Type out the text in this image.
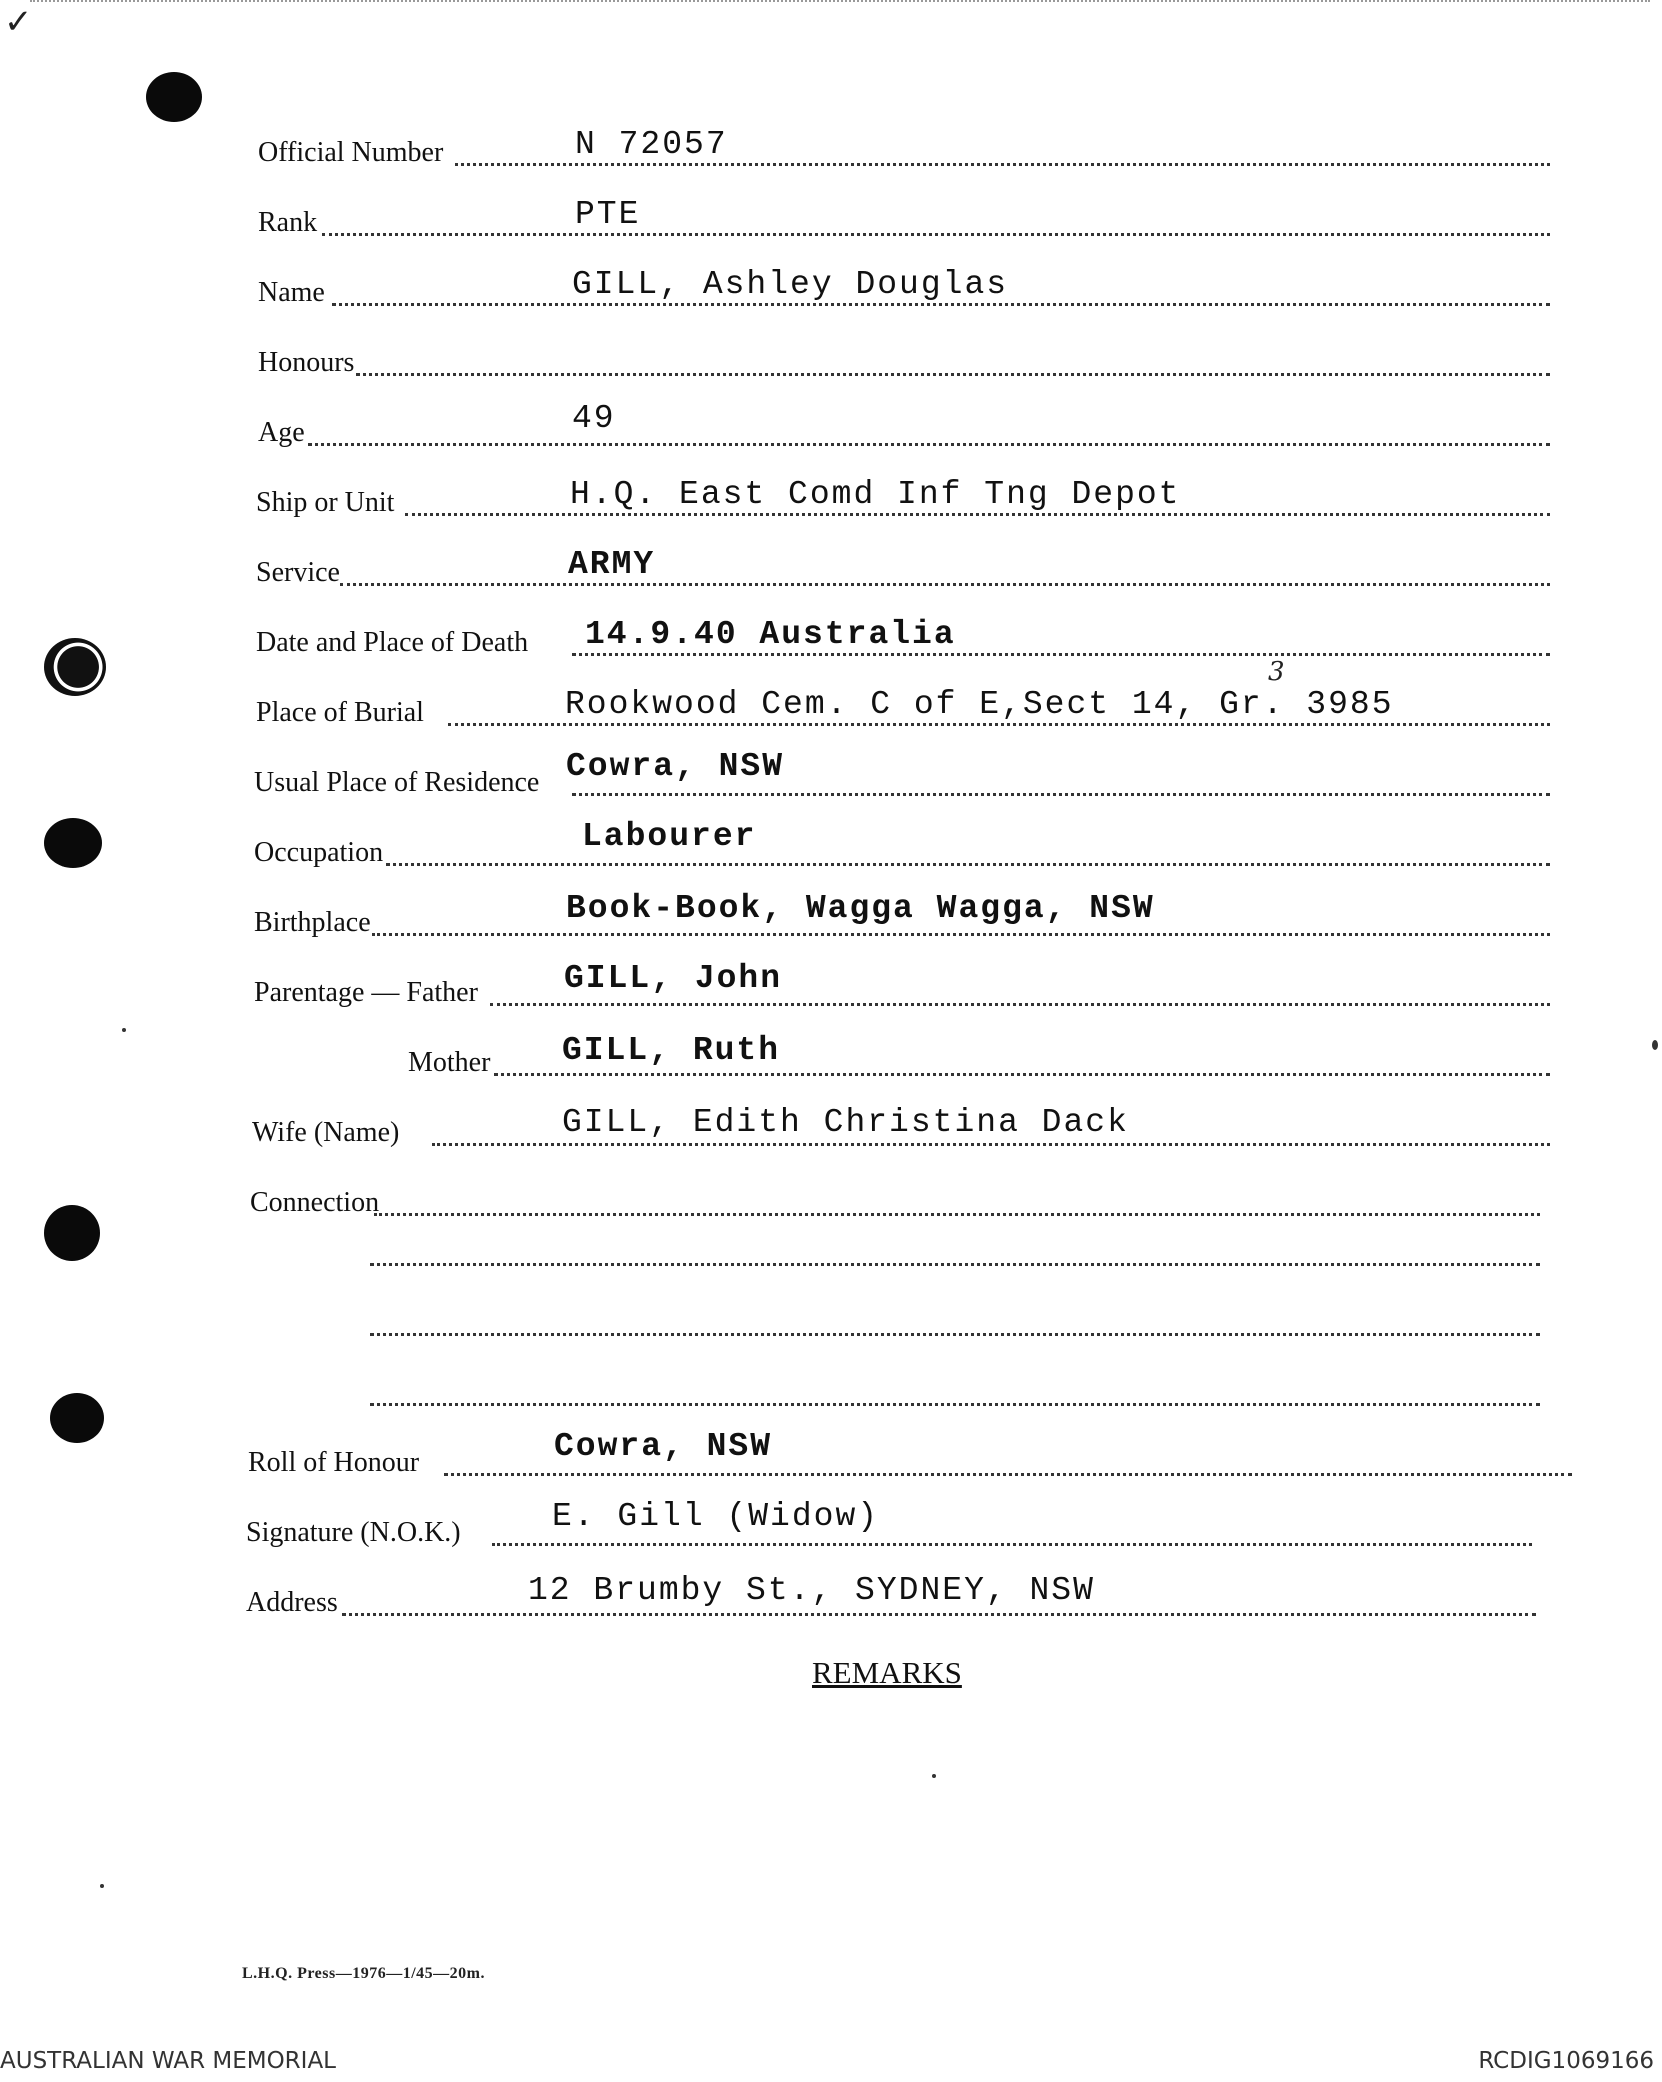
✓
Official Number	N 72057
Rank	PTE
Name	GILL, Ashley Douglas
Honours
Age	49
Ship or Unit	H.Q. East Comd Inf Tng Depot
Service	ARMY
Date and Place of Death 14.9.40 Australia
Place of Burial	Rookwood Cem. C of E,Sect 14, Gr. 3985
3
Usual Place of Residence Cowra, NSW
Occupation	Labourer
Birthplace	Book-Book, Wagga Wagga, NSW
Parentage — Father	GILL, John
Mother GILL, Ruth
Wife (Name)	GILL, Edith Christina Dack
Connection
Roll of Honour	Cowra, NSW
Signature (N.O.K.)	E. Gill (Widow)
Address	12 Brumby St., SYDNEY, NSW
REMARKS
L.H.Q. Press—1976—1/45—20m.
AUSTRALIAN WAR MEMORIAL	RCDIG1069166
